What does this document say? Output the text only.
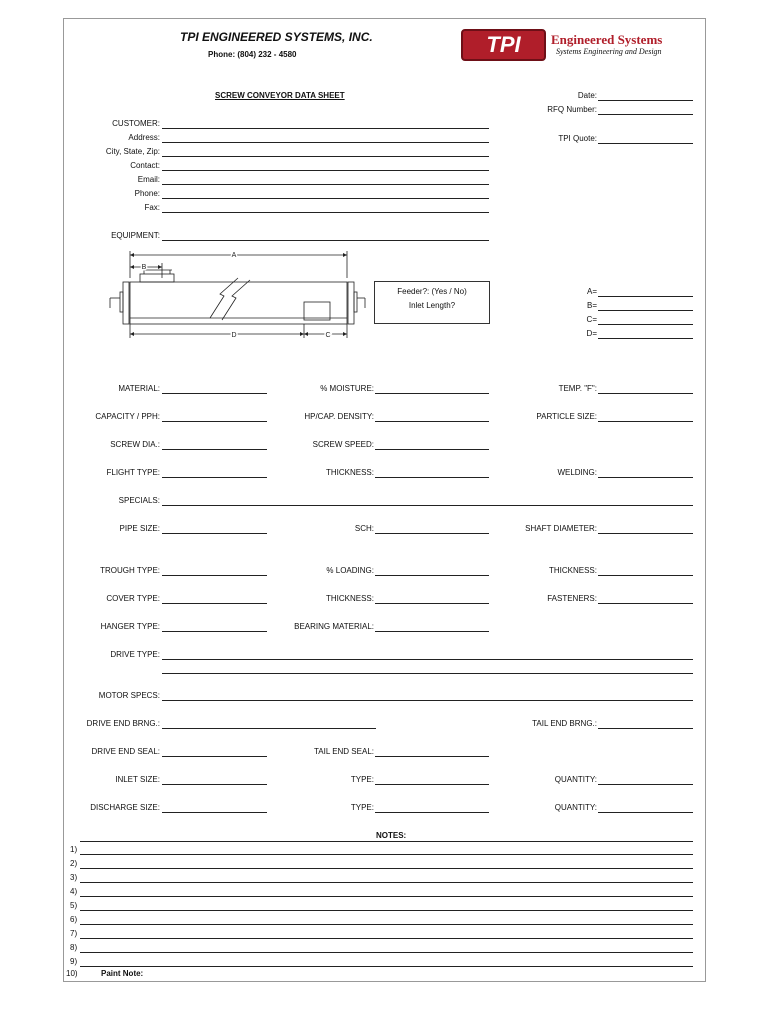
TPI ENGINEERED SYSTEMS, INC.
Phone: (804) 232 - 4580	TPI	Engineered Systems
Systems Engineering and Design
SCREW CONVEYOR DATA SHEET	Date:
RFQ Number:
TPI Quote:
CUSTOMER:
Address:
City, State, Zip:
Contact:
Email:
Phone:
Fax:
EQUIPMENT:
A
B
D	C
Feeder?: (Yes / No)
Inlet Length?
A=
B=
C=
D=
MATERIAL:	% MOISTURE:	TEMP. "F":
CAPACITY / PPH:	HP/CAP. DENSITY:	PARTICLE SIZE:
SCREW DIA.:	SCREW SPEED:
FLIGHT TYPE:	THICKNESS:	WELDING:
SPECIALS:
PIPE SIZE:	SCH:	SHAFT DIAMETER:
TROUGH TYPE:	% LOADING:	THICKNESS:
COVER TYPE:	THICKNESS:	FASTENERS:
HANGER TYPE:	BEARING MATERIAL:
DRIVE TYPE:
MOTOR SPECS:
DRIVE END BRNG.:	TAIL END BRNG.:
DRIVE END SEAL:	TAIL END SEAL:
INLET SIZE:	TYPE:	QUANTITY:
DISCHARGE SIZE:	TYPE:	QUANTITY:
NOTES:
1)
2)
3)
4)
5)
6)
7)
8)
9)
10)	Paint Note:
